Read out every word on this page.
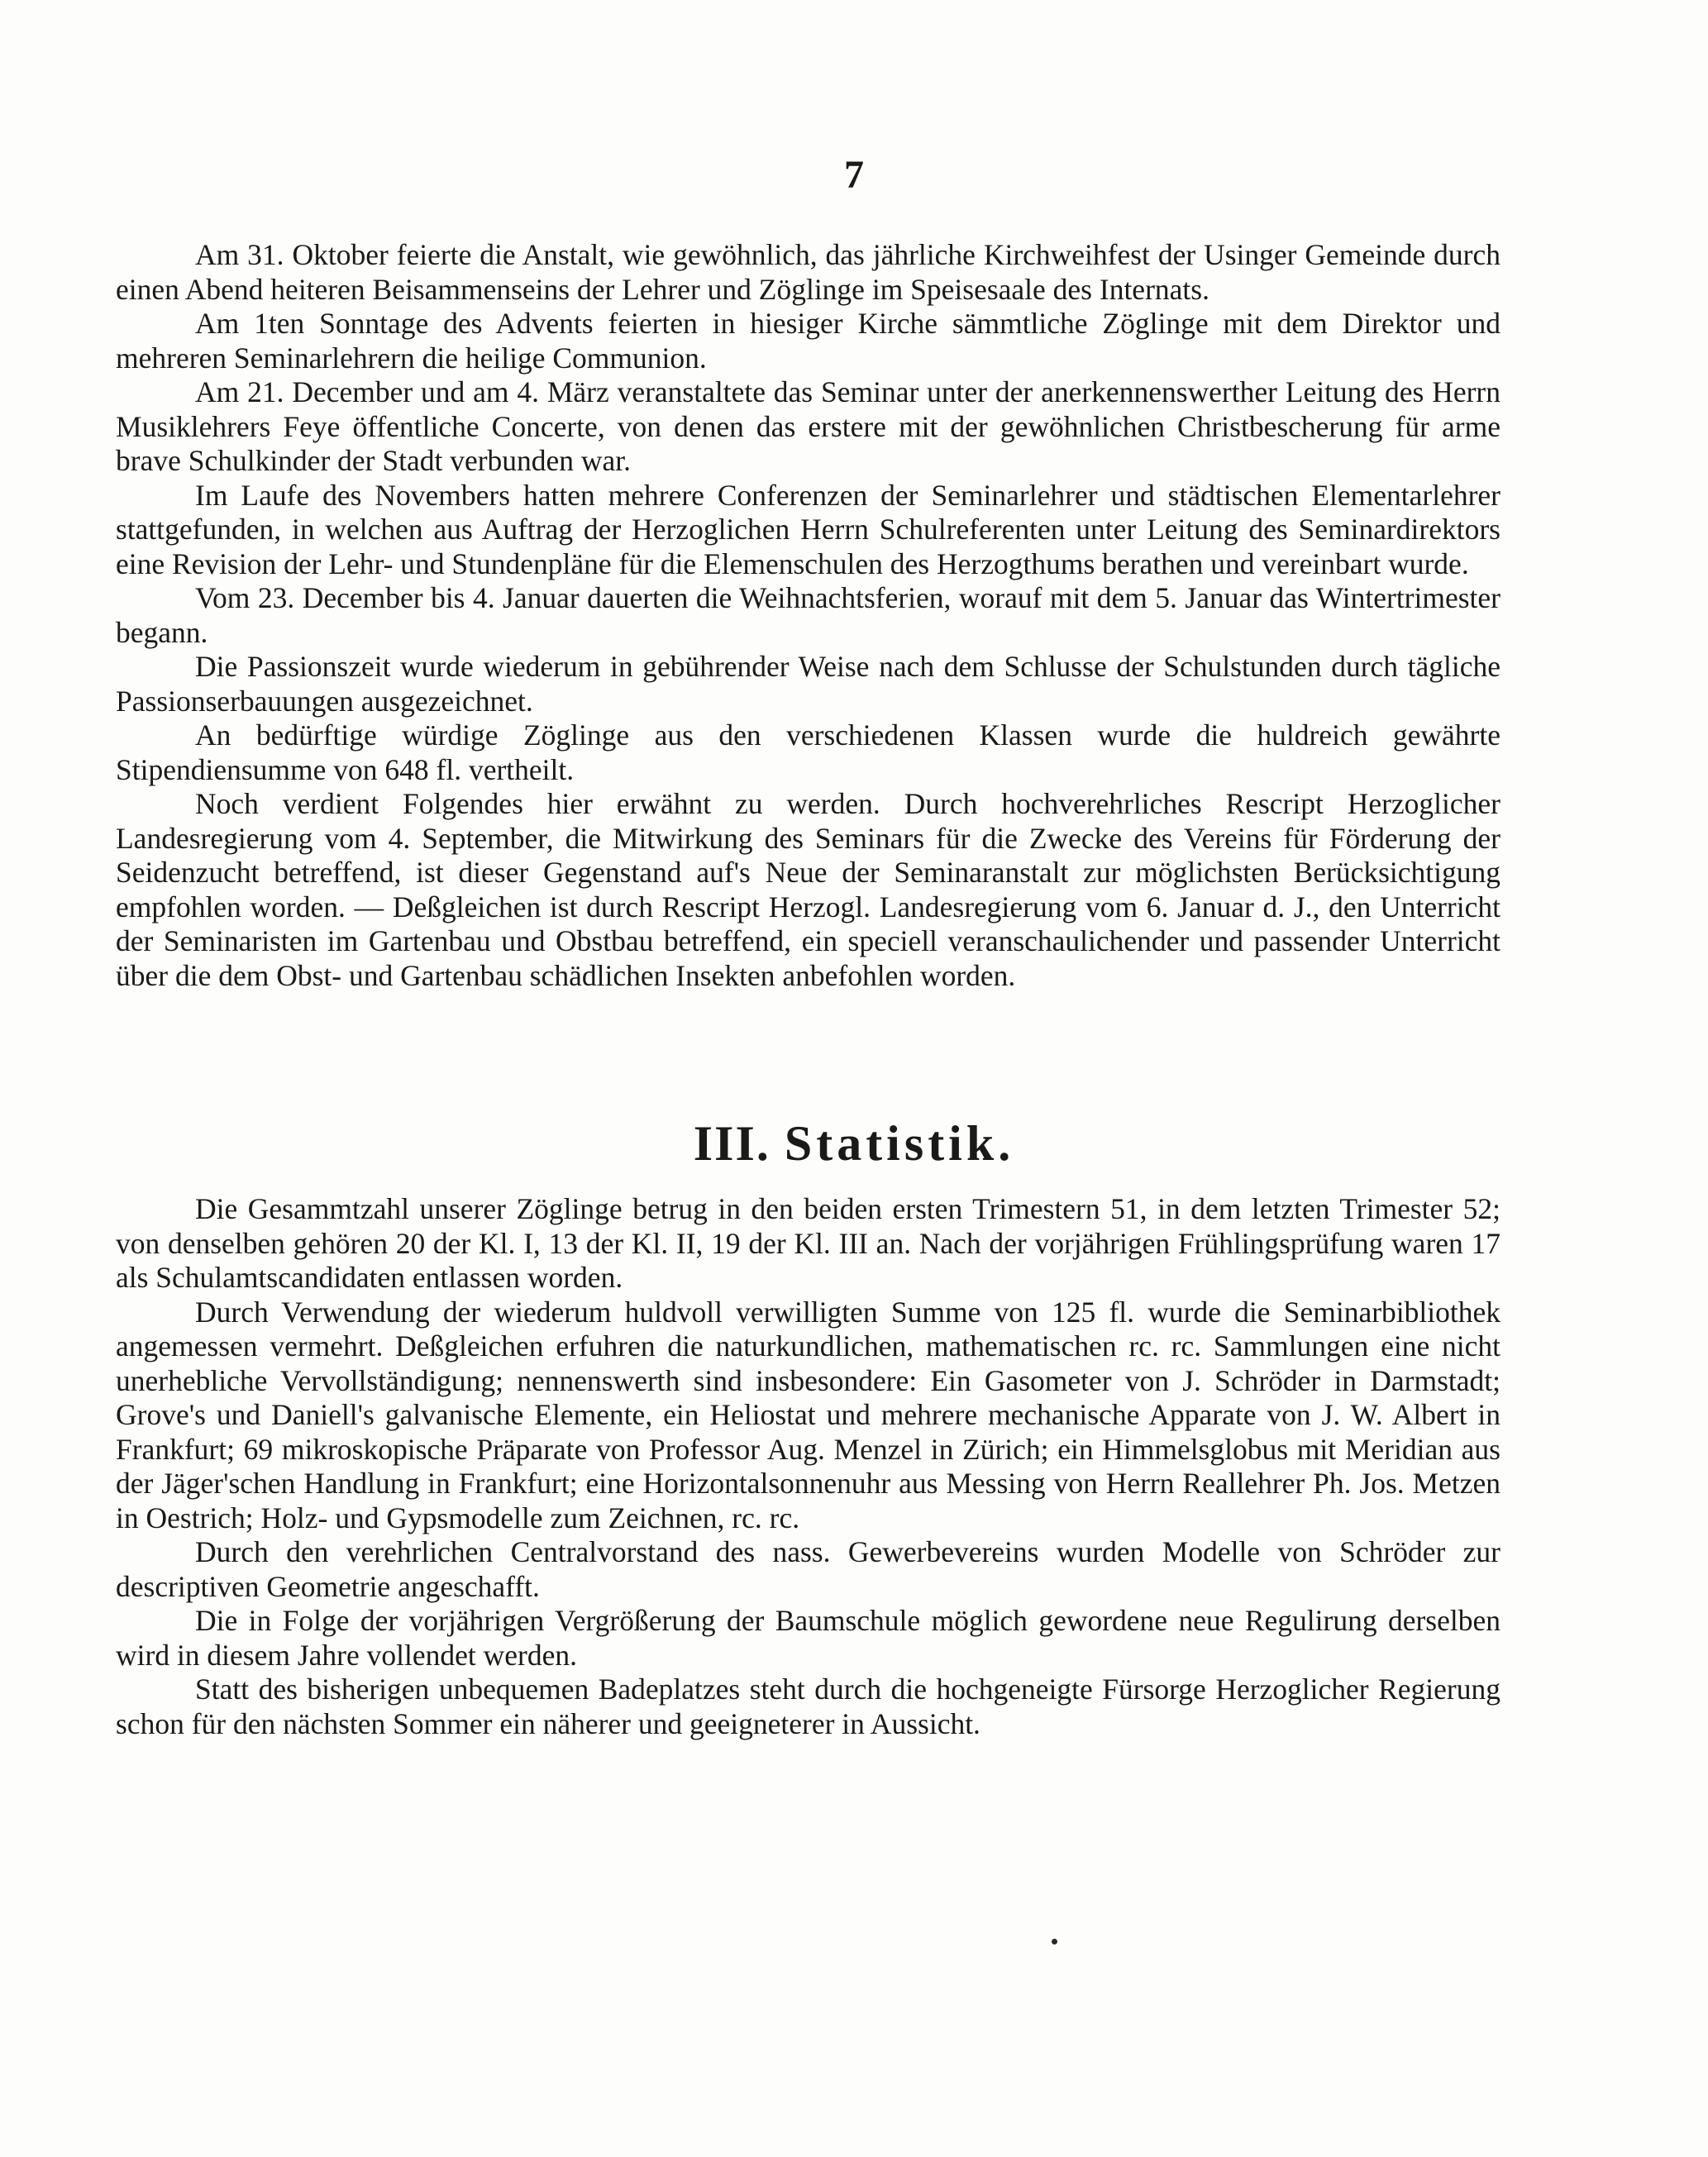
7

Am 31. Oktober feierte die Anstalt, wie gewöhnlich, das jährliche Kirchweihfest der Usinger Gemeinde durch einen Abend heiteren Beisammenseins der Lehrer und Zöglinge im Speisesaale des Internats.

Am 1ten Sonntage des Advents feierten in hiesiger Kirche sämmtliche Zöglinge mit dem Direktor und mehreren Seminarlehrern die heilige Communion.

Am 21. December und am 4. März veranstaltete das Seminar unter der anerkennenswerther Leitung des Herrn Musiklehrers Feye öffentliche Concerte, von denen das erstere mit der gewöhnlichen Christbescherung für arme brave Schulkinder der Stadt verbunden war.

Im Laufe des Novembers hatten mehrere Conferenzen der Seminarlehrer und städtischen Elementarlehrer stattgefunden, in welchen aus Auftrag der Herzoglichen Herrn Schulreferenten unter Leitung des Seminardirektors eine Revision der Lehr- und Stundenpläne für die Elemenschulen des Herzogthums berathen und vereinbart wurde.

Vom 23. December bis 4. Januar dauerten die Weihnachtsferien, worauf mit dem 5. Januar das Wintertrimester begann.

Die Passionszeit wurde wiederum in gebührender Weise nach dem Schlusse der Schulstunden durch tägliche Passionserbauungen ausgezeichnet.

An bedürftige würdige Zöglinge aus den verschiedenen Klassen wurde die huldreich gewährte Stipendiensumme von 648 fl. vertheilt.

Noch verdient Folgendes hier erwähnt zu werden. Durch hochverehrliches Rescript Herzoglicher Landesregierung vom 4. September, die Mitwirkung des Seminars für die Zwecke des Vereins für Förderung der Seidenzucht betreffend, ist dieser Gegenstand auf's Neue der Seminaranstalt zur möglichsten Berücksichtigung empfohlen worden. — Deßgleichen ist durch Rescript Herzogl. Landesregierung vom 6. Januar d. J., den Unterricht der Seminaristen im Gartenbau und Obstbau betreffend, ein speciell veranschaulichender und passender Unterricht über die dem Obst- und Gartenbau schädlichen Insekten anbefohlen worden.

III. Statistik.

Die Gesammtzahl unserer Zöglinge betrug in den beiden ersten Trimestern 51, in dem letzten Trimester 52; von denselben gehören 20 der Kl. I, 13 der Kl. II, 19 der Kl. III an. Nach der vorjährigen Frühlingsprüfung waren 17 als Schulamtscandidaten entlassen worden.

Durch Verwendung der wiederum huldvoll verwilligten Summe von 125 fl. wurde die Seminarbibliothek angemessen vermehrt. Deßgleichen erfuhren die naturkundlichen, mathematischen rc. rc. Sammlungen eine nicht unerhebliche Vervollständigung; nennenswerth sind insbesondere: Ein Gasometer von J. Schröder in Darmstadt; Grove's und Daniell's galvanische Elemente, ein Heliostat und mehrere mechanische Apparate von J. W. Albert in Frankfurt; 69 mikroskopische Präparate von Professor Aug. Menzel in Zürich; ein Himmelsglobus mit Meridian aus der Jäger'schen Handlung in Frankfurt; eine Horizontalsonnenuhr aus Messing von Herrn Reallehrer Ph. Jos. Metzen in Oestrich; Holz- und Gypsmodelle zum Zeichnen, rc. rc.

Durch den verehrlichen Centralvorstand des nass. Gewerbevereins wurden Modelle von Schröder zur descriptiven Geometrie angeschafft.

Die in Folge der vorjährigen Vergrößerung der Baumschule möglich gewordene neue Regulirung derselben wird in diesem Jahre vollendet werden.

Statt des bisherigen unbequemen Badeplatzes steht durch die hochgeneigte Fürsorge Herzoglicher Regierung schon für den nächsten Sommer ein näherer und geeigneterer in Aussicht.
